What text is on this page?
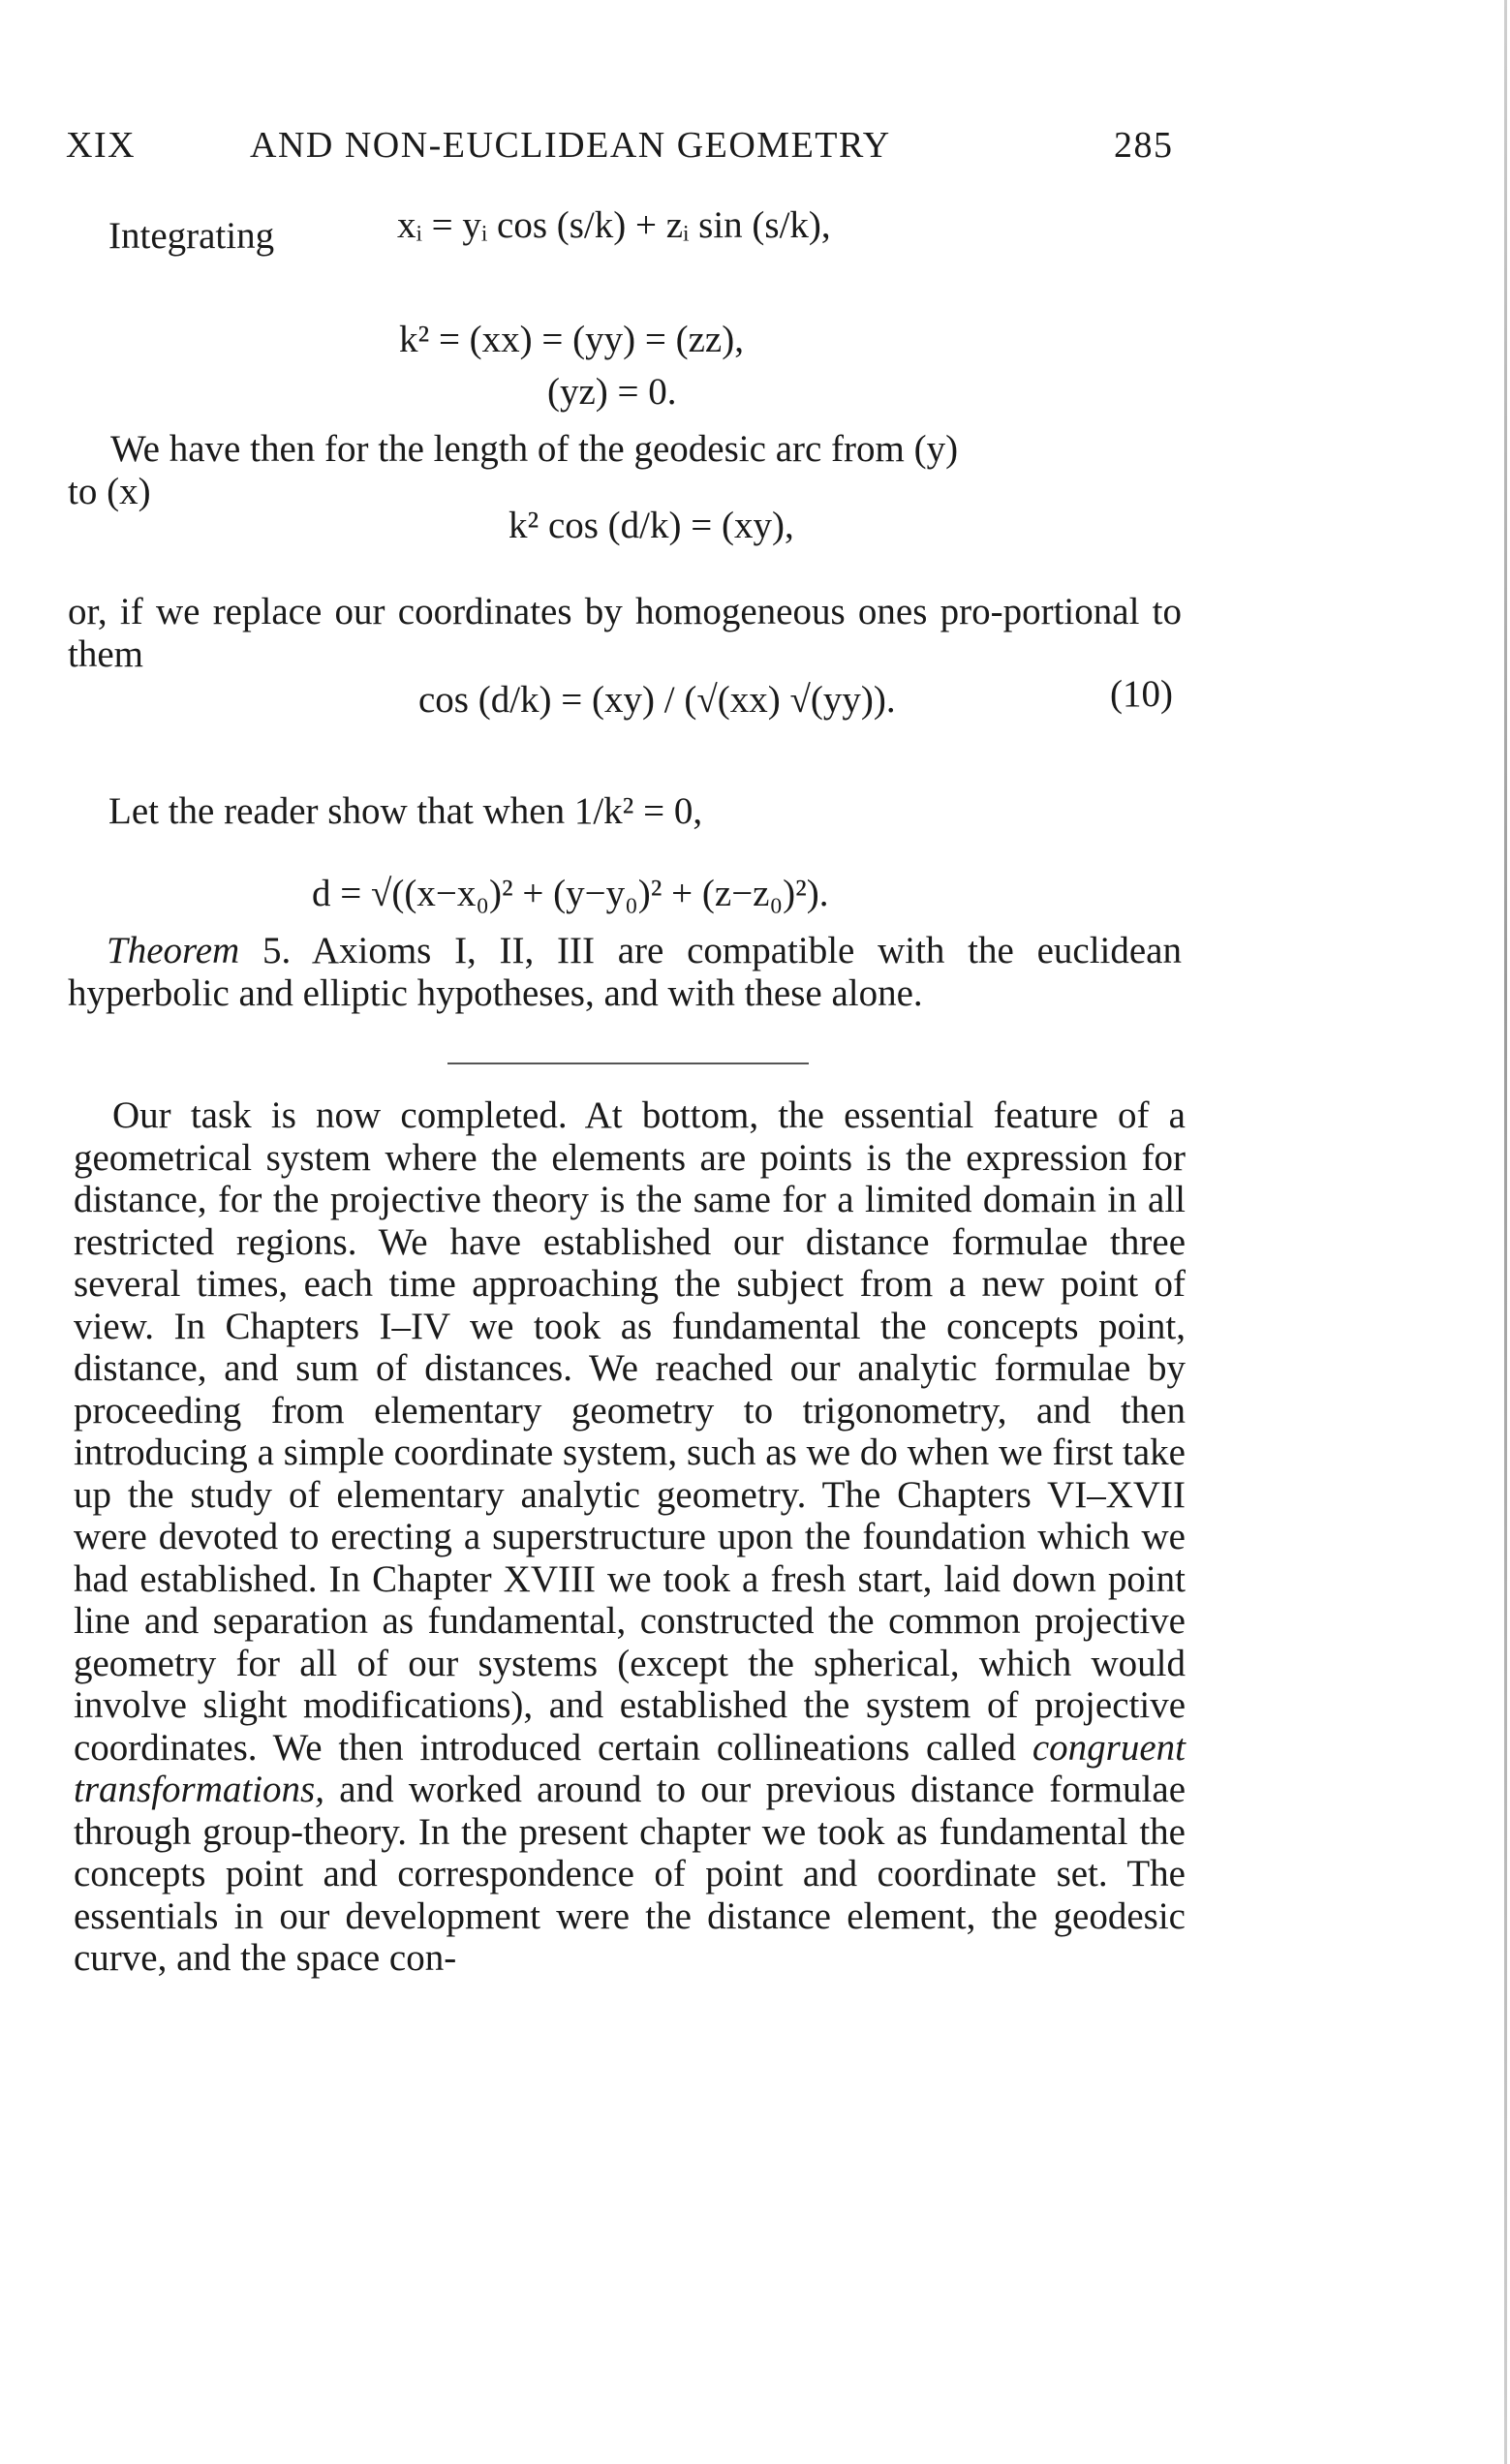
XIX	AND NON-EUCLIDEAN GEOMETRY	285
Integrating	xᵢ = yᵢ cos (s/k) + zᵢ sin (s/k),
k² = (xx) = (yy) = (zz),
(yz) = 0.
We have then for the length of the geodesic arc from (y)
to (x)
k² cos (d/k) = (xy),
or, if we replace our coordinates by homogeneous ones pro-portional to them
cos (d/k) = (xy) / (√(xx) √(yy)).	(10)
Let the reader show that when 1/k² = 0,
d = √((x−x₀)² + (y−y₀)² + (z−z₀)²).

Theorem 5. Axioms I, II, III are compatible with the euclidean hyperbolic and elliptic hypotheses, and with these alone.

Our task is now completed. At bottom, the essential feature of a geometrical system where the elements are points is the expression for distance, for the projective theory is the same for a limited domain in all restricted regions. We have established our distance formulae three several times, each time approaching the subject from a new point of view. In Chapters I–IV we took as fundamental the concepts point, distance, and sum of distances. We reached our analytic formulae by proceeding from elementary geometry to trigonometry, and then introducing a simple coordinate system, such as we do when we first take up the study of elementary analytic geometry. The Chapters VI–XVII were devoted to erecting a superstructure upon the foundation which we had established. In Chapter XVIII we took a fresh start, laid down point line and separation as fundamental, constructed the common projective geometry for all of our systems (except the spherical, which would involve slight modifications), and established the system of projective coordinates. We then introduced certain collineations called congruent transformations, and worked around to our previous distance formulae through group-theory. In the present chapter we took as fundamental the concepts point and correspondence of point and coordinate set. The essentials in our development were the distance element, the geodesic curve, and the space con-
